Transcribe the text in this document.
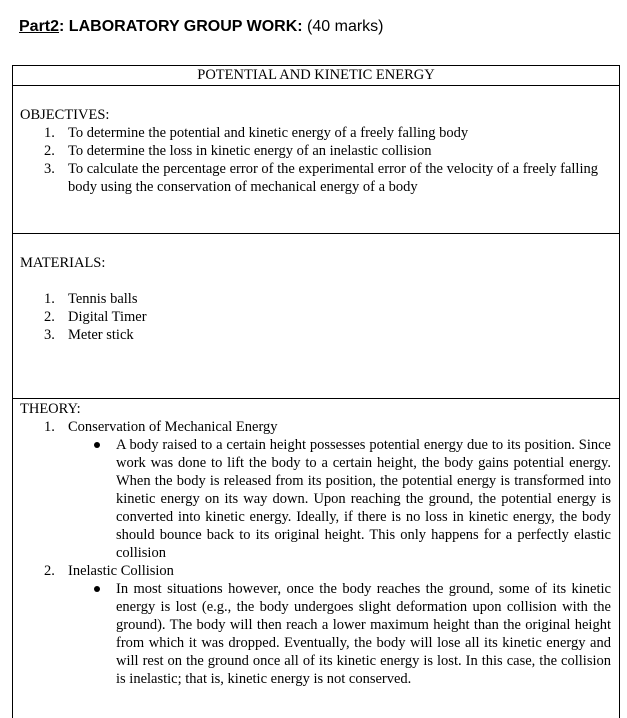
Part2: LABORATORY GROUP WORK: (40 marks)
POTENTIAL AND KINETIC ENERGY
OBJECTIVES:
1. To determine the potential and kinetic energy of a freely falling body
2. To determine the loss in kinetic energy of an inelastic collision
3. To calculate the percentage error of the experimental error of the velocity of a freely falling body using the conservation of mechanical energy of a body
MATERIALS:
1. Tennis balls
2. Digital Timer
3. Meter stick
THEORY:
1. Conservation of Mechanical Energy
A body raised to a certain height possesses potential energy due to its position. Since work was done to lift the body to a certain height, the body gains potential energy. When the body is released from its position, the potential energy is transformed into kinetic energy on its way down. Upon reaching the ground, the potential energy is converted into kinetic energy. Ideally, if there is no loss in kinetic energy, the body should bounce back to its original height. This only happens for a perfectly elastic collision
2. Inelastic Collision
In most situations however, once the body reaches the ground, some of its kinetic energy is lost (e.g., the body undergoes slight deformation upon collision with the ground). The body will then reach a lower maximum height than the original height from which it was dropped. Eventually, the body will lose all its kinetic energy and will rest on the ground once all of its kinetic energy is lost. In this case, the collision is inelastic; that is, kinetic energy is not conserved.
